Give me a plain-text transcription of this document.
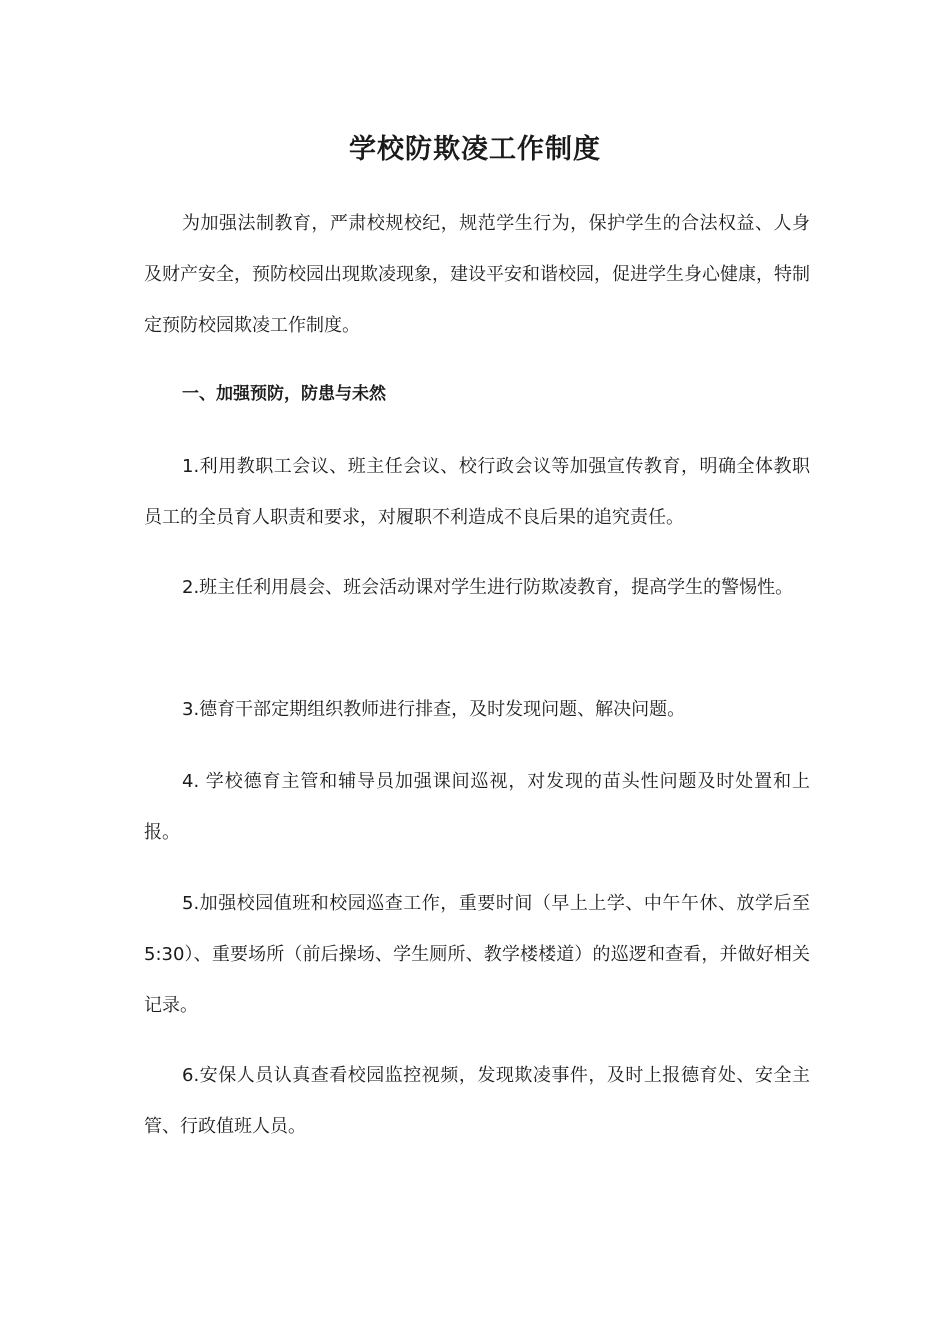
学校防欺凌工作制度

为加强法制教育，严肃校规校纪，规范学生行为，保护学生的合法权益、人身及财产安全，预防校园出现欺凌现象，建设平安和谐校园，促进学生身心健康，特制定预防校园欺凌工作制度。

一、加强预防，防患与未然

1.利用教职工会议、班主任会议、校行政会议等加强宣传教育，明确全体教职员工的全员育人职责和要求，对履职不利造成不良后果的追究责任。

2.班主任利用晨会、班会活动课对学生进行防欺凌教育，提高学生的警惕性。

3.德育干部定期组织教师进行排查，及时发现问题、解决问题。

4. 学校德育主管和辅导员加强课间巡视，对发现的苗头性问题及时处置和上报。

5.加强校园值班和校园巡查工作，重要时间（早上上学、中午午休、放学后至5:30）、重要场所（前后操场、学生厕所、教学楼楼道）的巡逻和查看，并做好相关记录。

6.安保人员认真查看校园监控视频，发现欺凌事件，及时上报德育处、安全主管、行政值班人员。
